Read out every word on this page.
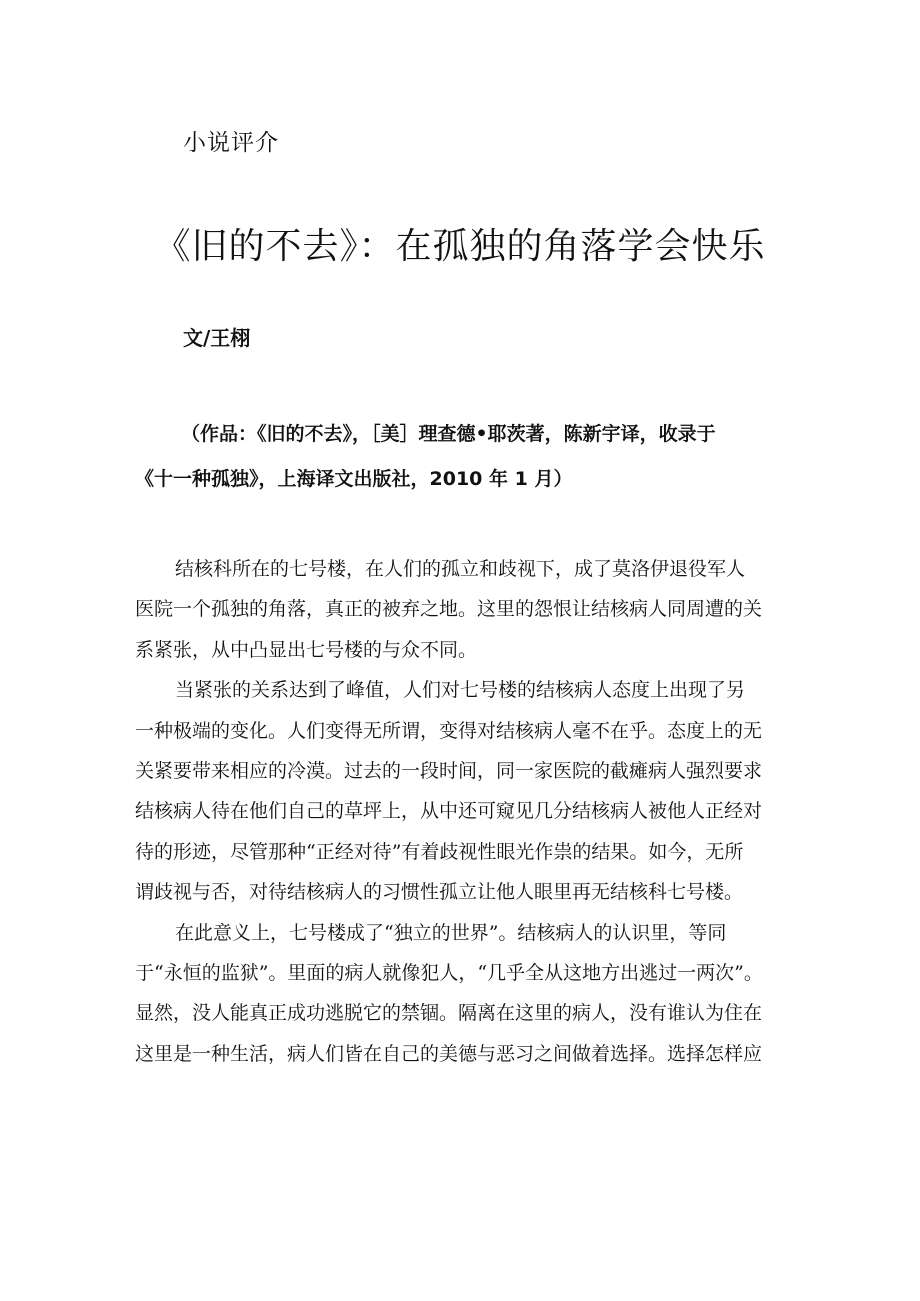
小说评介
《旧的不去》：在孤独的角落学会快乐
文/王栩
（作品：《旧的不去》，［美］理查德•耶茨著，陈新宇译，收录于
《十一种孤独》，上海译文出版社，2010 年 1 月）

结核科所在的七号楼，在人们的孤立和歧视下，成了莫洛伊退役军人
医院一个孤独的角落，真正的被弃之地。这里的怨恨让结核病人同周遭的关
系紧张，从中凸显出七号楼的与众不同。

当紧张的关系达到了峰值，人们对七号楼的结核病人态度上出现了另
一种极端的变化。人们变得无所谓，变得对结核病人毫不在乎。态度上的无
关紧要带来相应的冷漠。过去的一段时间，同一家医院的截瘫病人强烈要求
结核病人待在他们自己的草坪上，从中还可窥见几分结核病人被他人正经对
待的形迹，尽管那种“正经对待”有着歧视性眼光作祟的结果。如今，无所
谓歧视与否，对待结核病人的习惯性孤立让他人眼里再无结核科七号楼。

在此意义上，七号楼成了“独立的世界”。结核病人的认识里，等同
于“永恒的监狱”。里面的病人就像犯人，“几乎全从这地方出逃过一两次”。
显然，没人能真正成功逃脱它的禁锢。隔离在这里的病人，没有谁认为住在
这里是一种生活，病人们皆在自己的美德与恶习之间做着选择。选择怎样应
